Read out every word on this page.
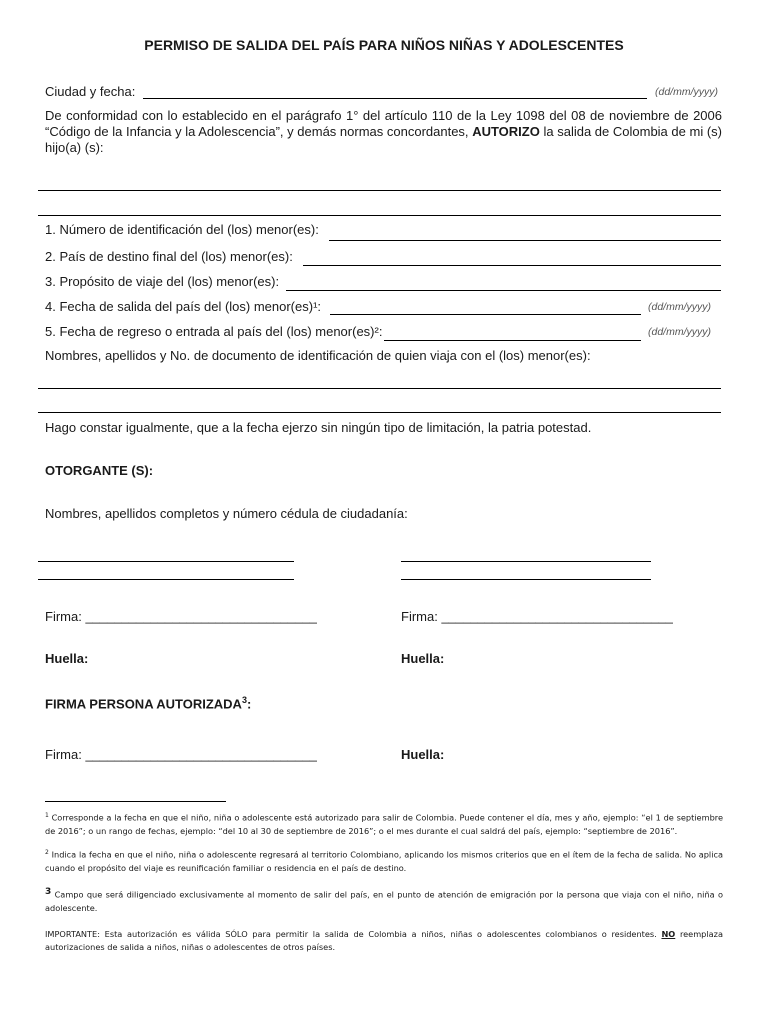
PERMISO DE SALIDA DEL PAÍS PARA NIÑOS NIÑAS Y ADOLESCENTES
Ciudad y fecha:	(dd/mm/yyyy)
De conformidad con lo establecido en el parágrafo 1° del artículo 110 de la Ley 1098 del 08 de noviembre de 2006 “Código de la Infancia y la Adolescencia”, y demás normas concordantes, AUTORIZO la salida de Colombia de mi (s) hijo(a) (s):
1. Número de identificación del (los) menor(es):
2. País de destino final del (los) menor(es):
3. Propósito de viaje del (los) menor(es):
4. Fecha de salida del país del (los) menor(es)¹:	(dd/mm/yyyy)
5. Fecha de regreso o entrada al país del (los) menor(es)²:	(dd/mm/yyyy)
Nombres, apellidos y No. de documento de identificación de quien viaja con el (los) menor(es):
Hago constar igualmente, que a la fecha ejerzo sin ningún tipo de limitación, la patria potestad.
OTORGANTE (S):
Nombres, apellidos completos y número cédula de ciudadanía:
Firma: ________________________________	Firma: ________________________________
Huella:	Huella:
FIRMA PERSONA AUTORIZADA$^3$:
Firma: ________________________________	Huella:
$^1$ Corresponde a la fecha en que el niño, niña o adolescente está autorizado para salir de Colombia. Puede contener el día, mes y año, ejemplo: “el 1 de septiembre de 2016”; o un rango de fechas, ejemplo: “del 10 al 30 de septiembre de 2016”; o el mes durante el cual saldrá del país, ejemplo: “septiembre de 2016”.
$^2$ Indica la fecha en que el niño, niña o adolescente regresará al territorio Colombiano, aplicando los mismos criterios que en el ítem de la fecha de salida. No aplica cuando el propósito del viaje es reunificación familiar o residencia en el país de destino.
$^3$ Campo que será diligenciado exclusivamente al momento de salir del país, en el punto de atención de emigración por la persona que viaja con el niño, niña o adolescente.
IMPORTANTE: Esta autorización es válida SÓLO para permitir la salida de Colombia a niños, niñas o adolescentes colombianos o residentes. NO reemplaza autorizaciones de salida a niños, niñas o adolescentes de otros países.
